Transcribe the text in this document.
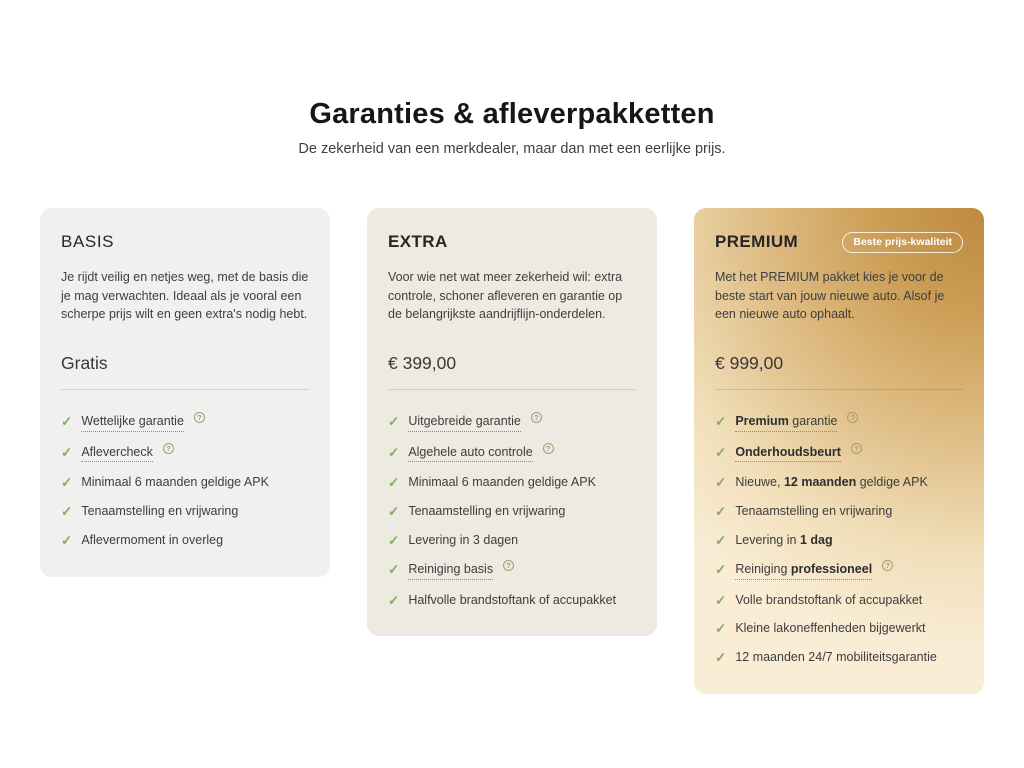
Garanties & afleverpakketten

De zekerheid van een merkdealer, maar dan met een eerlijke prijs.

BASIS

Je rijdt veilig en netjes weg, met de basis die je mag verwachten. Ideaal als je vooral een scherpe prijs wilt en geen extra's nodig hebt.

Gratis
✓ Wettelijke garantie	?
✓ Aflevercheck	?
✓ Minimaal 6 maanden geldige APK
✓ Tenaamstelling en vrijwaring
✓ Aflevermoment in overleg
EXTRA

Voor wie net wat meer zekerheid wil: extra controle, schoner afleveren en garantie op de belangrijkste aandrijflijn-onderdelen.

€ 399,00
✓ Uitgebreide garantie	?
✓ Algehele auto controle	?
✓ Minimaal 6 maanden geldige APK
✓ Tenaamstelling en vrijwaring
✓ Levering in 3 dagen
✓ Reiniging basis	?
✓ Halfvolle brandstoftank of accupakket
PREMIUM	Beste prijs-kwaliteit

Met het PREMIUM pakket kies je voor de beste start van jouw nieuwe auto. Alsof je een nieuwe auto ophaalt.

€ 999,00
✓ Premium garantie	?
✓ Onderhoudsbeurt	?
✓ Nieuwe, 12 maanden geldige APK
✓ Tenaamstelling en vrijwaring
✓ Levering in 1 dag
✓ Reiniging professioneel	?
✓ Volle brandstoftank of accupakket
✓ Kleine lakoneffenheden bijgewerkt
✓ 12 maanden 24/7 mobiliteitsgarantie
